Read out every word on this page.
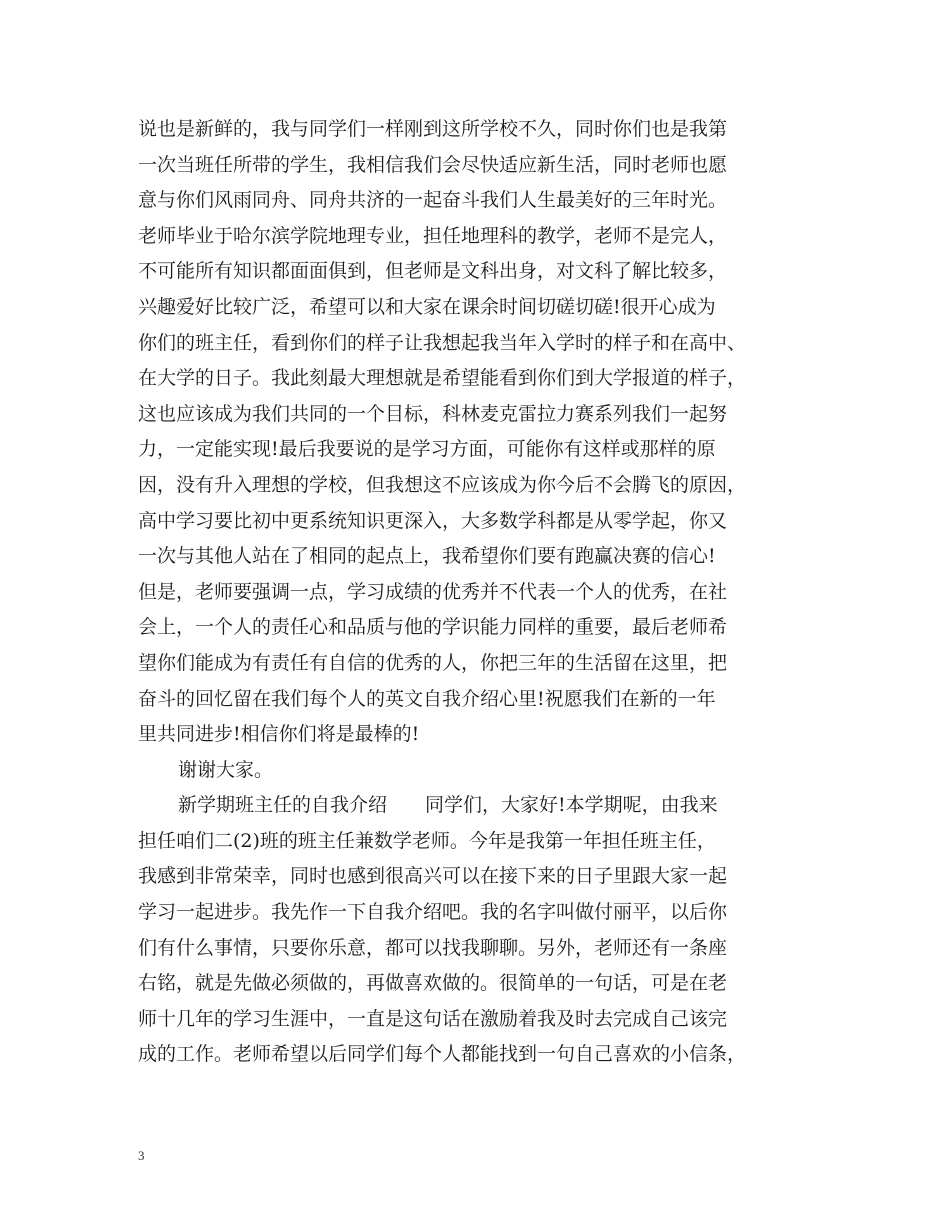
说也是新鲜的，我与同学们一样刚到这所学校不久，同时你们也是我第
一次当班任所带的学生，我相信我们会尽快适应新生活，同时老师也愿
意与你们风雨同舟、同舟共济的一起奋斗我们人生最美好的三年时光。
老师毕业于哈尔滨学院地理专业，担任地理科的教学，老师不是完人，
不可能所有知识都面面俱到，但老师是文科出身，对文科了解比较多，
兴趣爱好比较广泛，希望可以和大家在课余时间切磋切磋!很开心成为
你们的班主任，看到你们的样子让我想起我当年入学时的样子和在高中、
在大学的日子。我此刻最大理想就是希望能看到你们到大学报道的样子，
这也应该成为我们共同的一个目标，科林麦克雷拉力赛系列我们一起努
力，一定能实现!最后我要说的是学习方面，可能你有这样或那样的原
因，没有升入理想的学校，但我想这不应该成为你今后不会腾飞的原因，
高中学习要比初中更系统知识更深入，大多数学科都是从零学起，你又
一次与其他人站在了相同的起点上，我希望你们要有跑赢决赛的信心!
但是，老师要强调一点，学习成绩的优秀并不代表一个人的优秀，在社
会上，一个人的责任心和品质与他的学识能力同样的重要，最后老师希
望你们能成为有责任有自信的优秀的人，你把三年的生活留在这里，把
奋斗的回忆留在我们每个人的英文自我介绍心里!祝愿我们在新的一年
里共同进步!相信你们将是最棒的!
谢谢大家。
新学期班主任的自我介绍　　同学们，大家好!本学期呢，由我来
担任咱们二(2)班的班主任兼数学老师。今年是我第一年担任班主任，
我感到非常荣幸，同时也感到很高兴可以在接下来的日子里跟大家一起
学习一起进步。我先作一下自我介绍吧。我的名字叫做付丽平，以后你
们有什么事情，只要你乐意，都可以找我聊聊。另外，老师还有一条座
右铭，就是先做必须做的，再做喜欢做的。很简单的一句话，可是在老
师十几年的学习生涯中，一直是这句话在激励着我及时去完成自己该完
成的工作。老师希望以后同学们每个人都能找到一句自己喜欢的小信条，
3
